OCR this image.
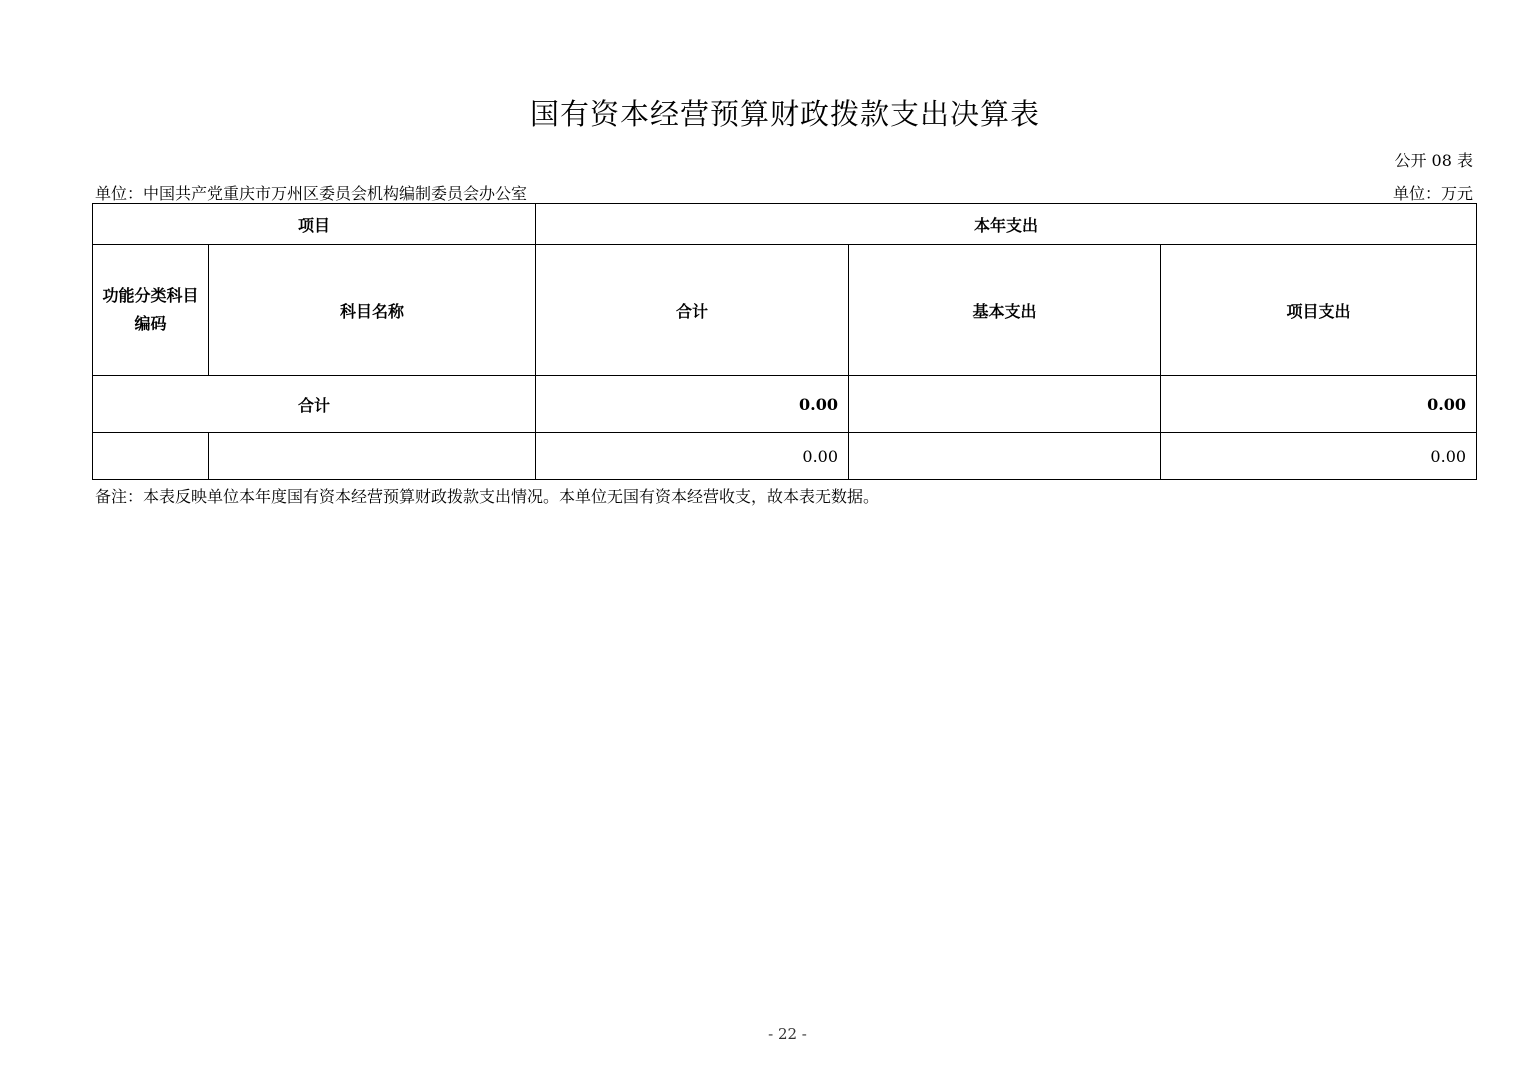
国有资本经营预算财政拨款支出决算表
公开 08 表
单位：中国共产党重庆市万州区委员会机构编制委员会办公室	单位：万元
项目		本年支出		
功能分类科目编码	科目名称	合计	基本支出	项目支出
合计		0.00		0.00
		0.00		0.00
备注：本表反映单位本年度国有资本经营预算财政拨款支出情况。本单位无国有资本经营收支，故本表无数据。
- 22 -
